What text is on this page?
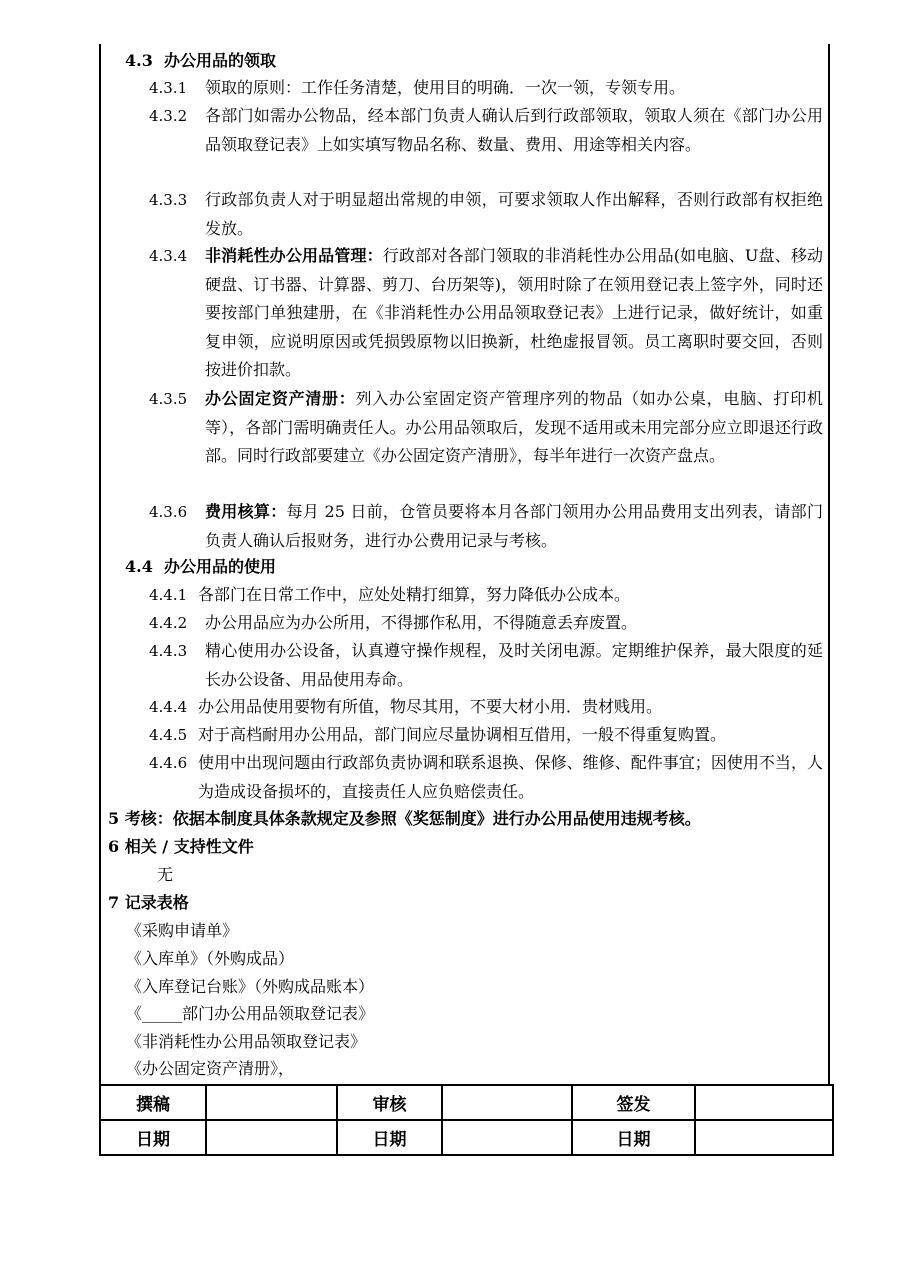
4.3 办公用品的领取
4.3.1 领取的原则：工作任务清楚，使用目的明确．一次一领，专领专用。
4.3.2 各部门如需办公物品，经本部门负责人确认后到行政部领取，领取人须在《部门办公用品领取登记表》上如实填写物品名称、数量、费用、用途等相关内容。
4.3.3 行政部负责人对于明显超出常规的申领，可要求领取人作出解释，否则行政部有权拒绝发放。
4.3.4 非消耗性办公用品管理：行政部对各部门领取的非消耗性办公用品(如电脑、U盘、移动硬盘、订书器、计算器、剪刀、台历架等)，领用时除了在领用登记表上签字外，同时还要按部门单独建册，在《非消耗性办公用品领取登记表》上进行记录，做好统计，如重复申领，应说明原因或凭损毁原物以旧换新，杜绝虚报冒领。员工离职时要交回，否则按进价扣款。
4.3.5 办公固定资产清册：列入办公室固定资产管理序列的物品（如办公桌，电脑、打印机等），各部门需明确责任人。办公用品领取后，发现不适用或未用完部分应立即退还行政部。同时行政部要建立《办公固定资产清册》，每半年进行一次资产盘点。
4.3.6 费用核算：每月 25 日前，仓管员要将本月各部门领用办公用品费用支出列表，请部门负责人确认后报财务，进行办公费用记录与考核。
4.4 办公用品的使用
4.4.1 各部门在日常工作中，应处处精打细算，努力降低办公成本。
4.4.2 办公用品应为办公所用，不得挪作私用，不得随意丢弃废置。
4.4.3 精心使用办公设备，认真遵守操作规程，及时关闭电源。定期维护保养，最大限度的延长办公设备、用品使用寿命。
4.4.4 办公用品使用要物有所值，物尽其用，不要大材小用．贵材贱用。
4.4.5 对于高档耐用办公用品，部门间应尽量协调相互借用，一般不得重复购置。
4.4.6 使用中出现问题由行政部负责协调和联系退换、保修、维修、配件事宜；因使用不当，人为造成设备损坏的，直接责任人应负赔偿责任。
5 考核：依据本制度具体条款规定及参照《奖惩制度》进行办公用品使用违规考核。
6 相关 / 支持性文件
无
7 记录表格
《采购申请单》
《入库单》（外购成品）
《入库登记台账》（外购成品账本）
《_____部门办公用品领取登记表》
《非消耗性办公用品领取登记表》
《办公固定资产清册》，
撰稿		审核		签发	
日期		日期		日期	
